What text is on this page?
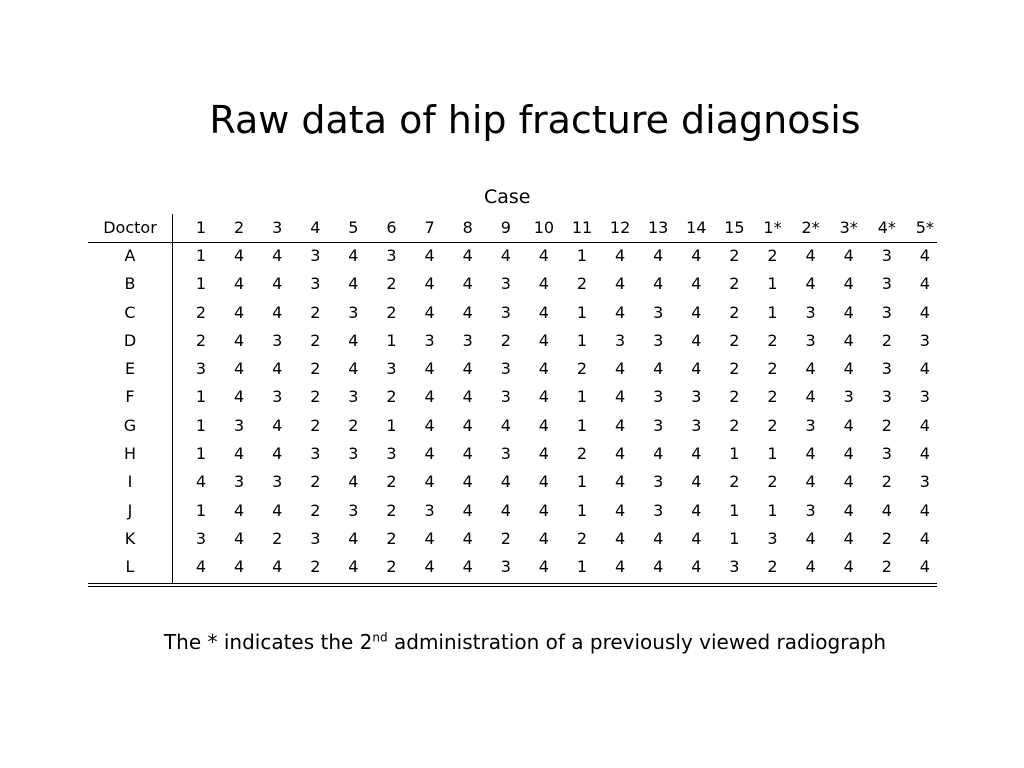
Raw data of hip fracture diagnosis
Case
Doctor	1	2	3	4	5	6	7	8	9	10	11	12	13	14	15	1*	2*	3*	4*	5*
A	1	4	4	3	4	3	4	4	4	4	1	4	4	4	2	2	4	4	3	4
B	1	4	4	3	4	2	4	4	3	4	2	4	4	4	2	1	4	4	3	4
C	2	4	4	2	3	2	4	4	3	4	1	4	3	4	2	1	3	4	3	4
D	2	4	3	2	4	1	3	3	2	4	1	3	3	4	2	2	3	4	2	3
E	3	4	4	2	4	3	4	4	3	4	2	4	4	4	2	2	4	4	3	4
F	1	4	3	2	3	2	4	4	3	4	1	4	3	3	2	2	4	3	3	3
G	1	3	4	2	2	1	4	4	4	4	1	4	3	3	2	2	3	4	2	4
H	1	4	4	3	3	3	4	4	3	4	2	4	4	4	1	1	4	4	3	4
I	4	3	3	2	4	2	4	4	4	4	1	4	3	4	2	2	4	4	2	3
J	1	4	4	2	3	2	3	4	4	4	1	4	3	4	1	1	3	4	4	4
K	3	4	2	3	4	2	4	4	2	4	2	4	4	4	1	3	4	4	2	4
L	4	4	4	2	4	2	4	4	3	4	1	4	4	4	3	2	4	4	2	4
The * indicates the 2nd administration of a previously viewed radiograph
